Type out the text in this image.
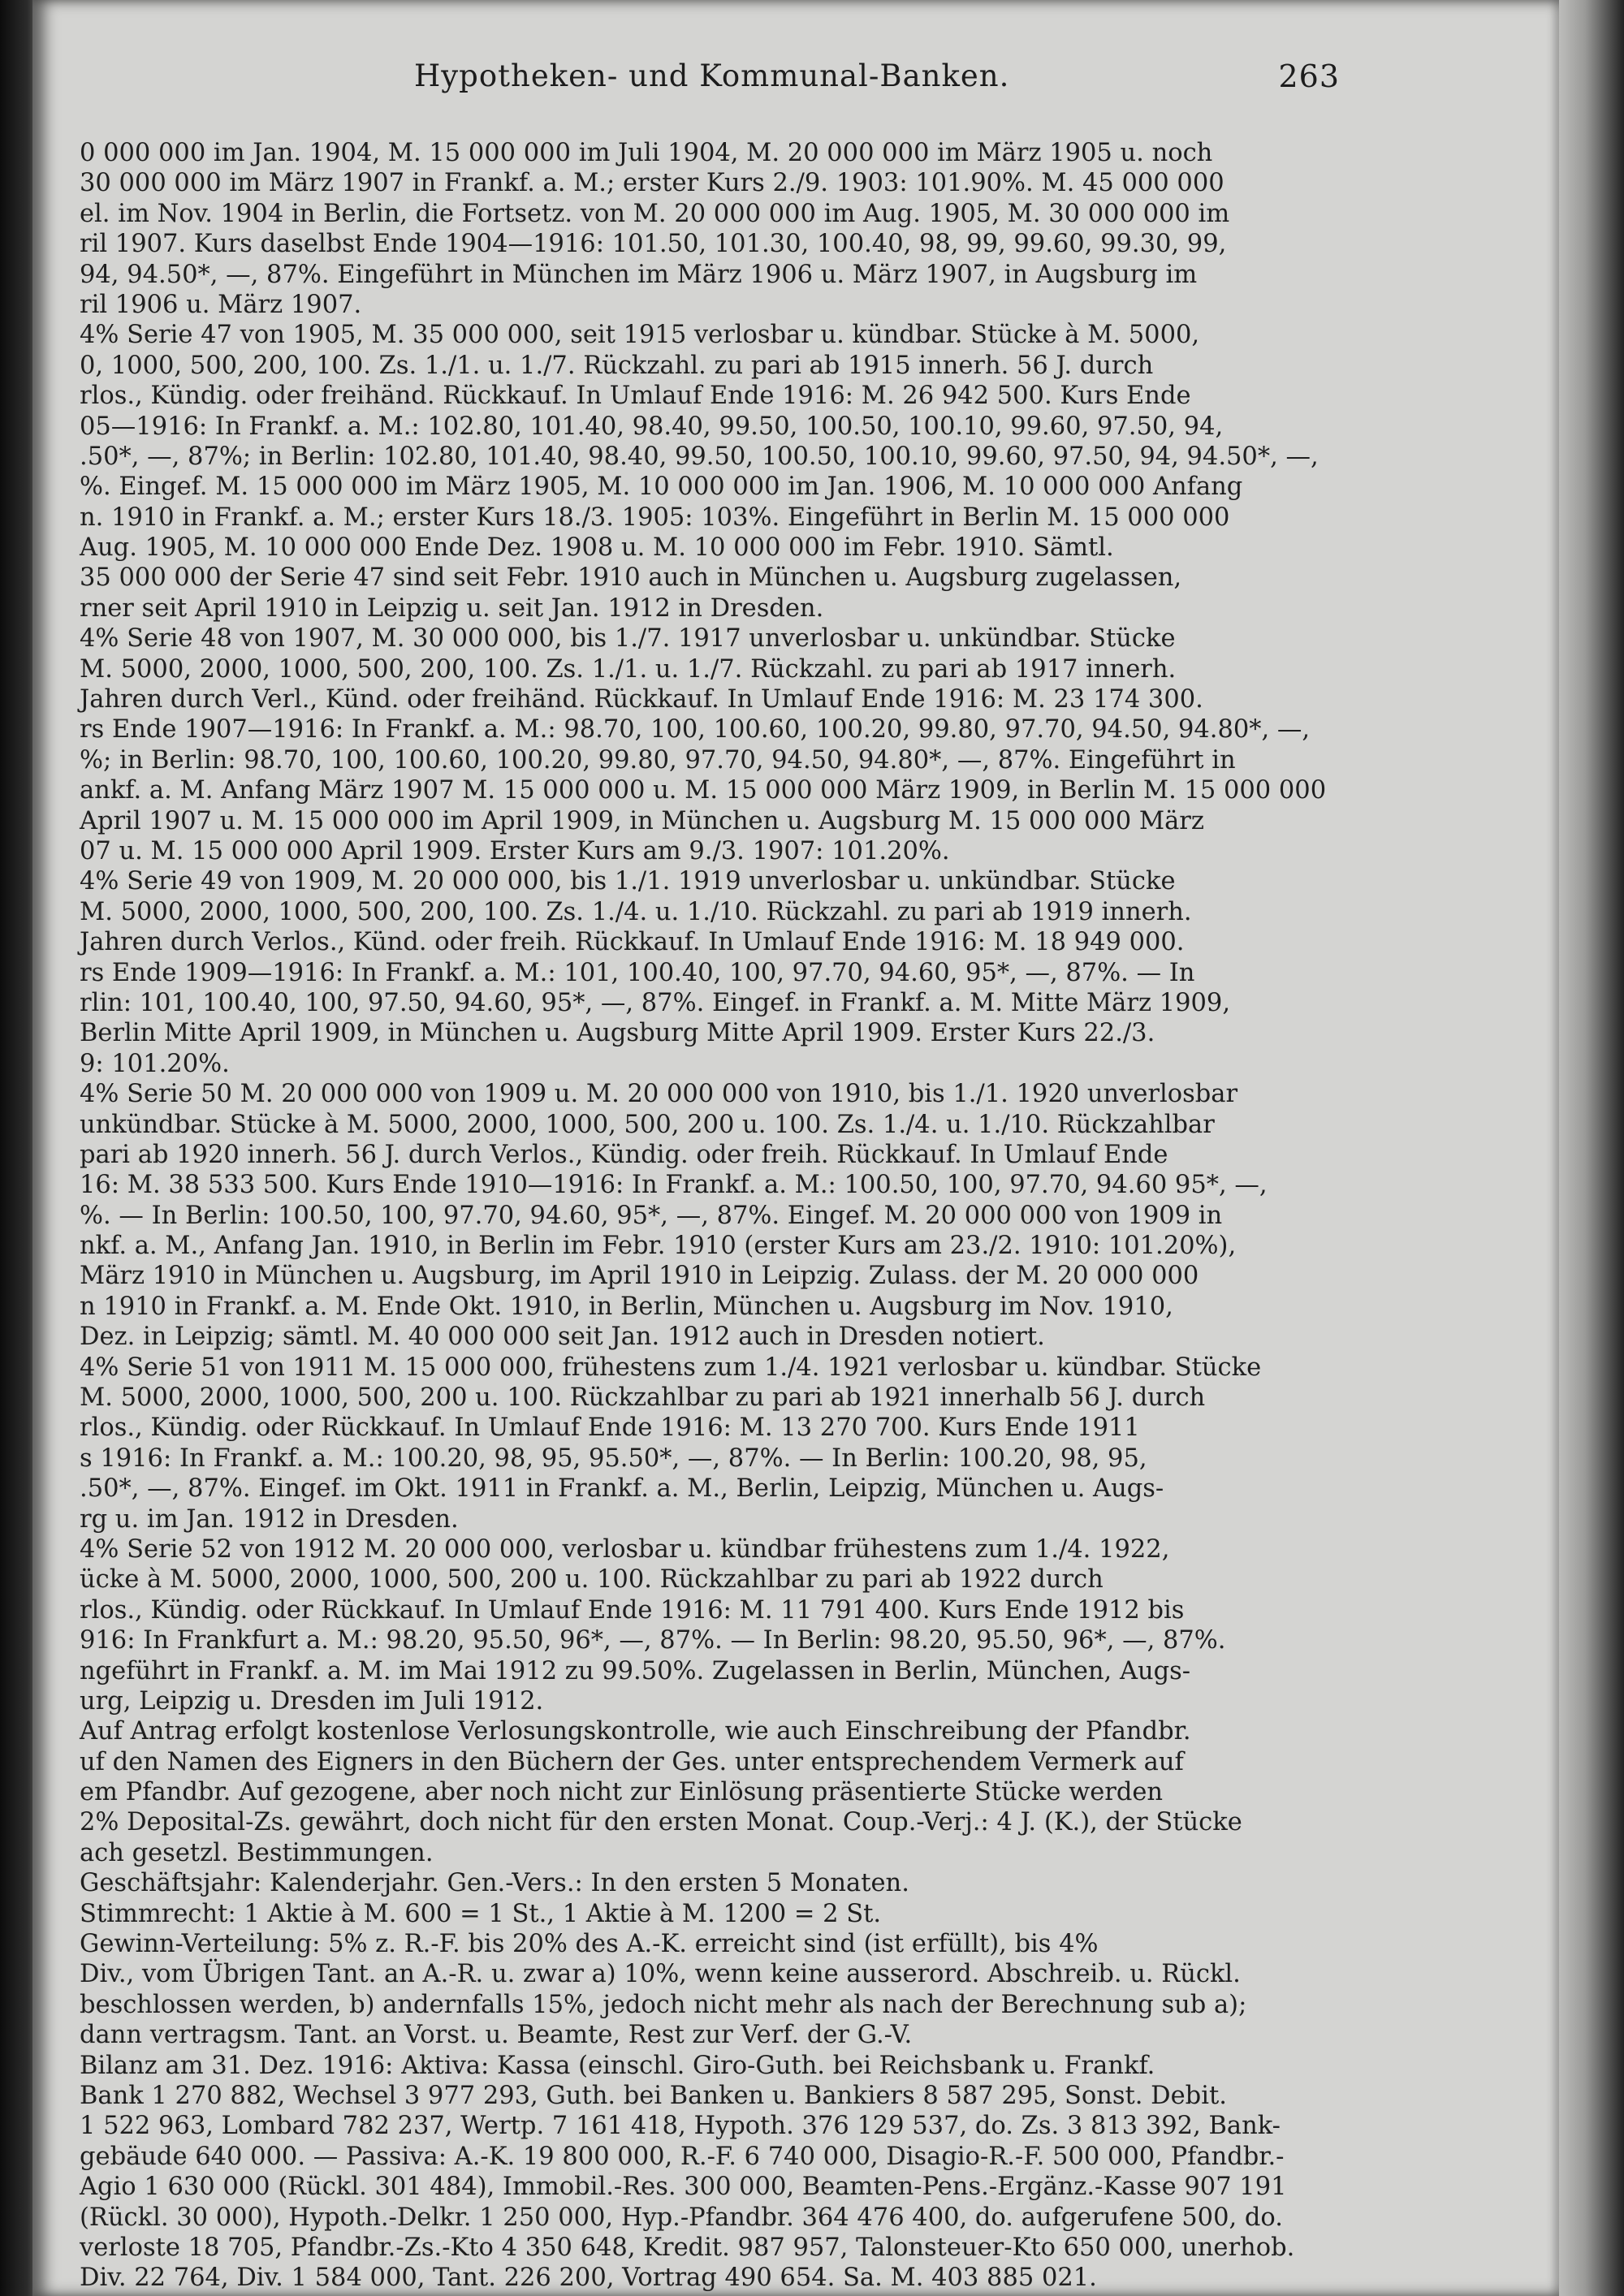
Hypotheken- und Kommunal-Banken.	263
0 000 000 im Jan. 1904, M. 15 000 000 im Juli 1904, M. 20 000 000 im März 1905 u. noch
30 000 000 im März 1907 in Frankf. a. M.; erster Kurs 2./9. 1903: 101.90%. M. 45 000 000
el. im Nov. 1904 in Berlin, die Fortsetz. von M. 20 000 000 im Aug. 1905, M. 30 000 000 im
ril 1907. Kurs daselbst Ende 1904—1916: 101.50, 101.30, 100.40, 98, 99, 99.60, 99.30, 99,
94, 94.50*, —, 87%. Eingeführt in München im März 1906 u. März 1907, in Augsburg im
ril 1906 u. März 1907.
4% Serie 47 von 1905, M. 35 000 000, seit 1915 verlosbar u. kündbar. Stücke à M. 5000,
0, 1000, 500, 200, 100. Zs. 1./1. u. 1./7. Rückzahl. zu pari ab 1915 innerh. 56 J. durch
rlos., Kündig. oder freihänd. Rückkauf. In Umlauf Ende 1916: M. 26 942 500. Kurs Ende
05—1916: In Frankf. a. M.: 102.80, 101.40, 98.40, 99.50, 100.50, 100.10, 99.60, 97.50, 94,
.50*, —, 87%; in Berlin: 102.80, 101.40, 98.40, 99.50, 100.50, 100.10, 99.60, 97.50, 94, 94.50*, —,
%. Eingef. M. 15 000 000 im März 1905, M. 10 000 000 im Jan. 1906, M. 10 000 000 Anfang
n. 1910 in Frankf. a. M.; erster Kurs 18./3. 1905: 103%. Eingeführt in Berlin M. 15 000 000
Aug. 1905, M. 10 000 000 Ende Dez. 1908 u. M. 10 000 000 im Febr. 1910. Sämtl.
35 000 000 der Serie 47 sind seit Febr. 1910 auch in München u. Augsburg zugelassen,
rner seit April 1910 in Leipzig u. seit Jan. 1912 in Dresden.
4% Serie 48 von 1907, M. 30 000 000, bis 1./7. 1917 unverlosbar u. unkündbar. Stücke
M. 5000, 2000, 1000, 500, 200, 100. Zs. 1./1. u. 1./7. Rückzahl. zu pari ab 1917 innerh.
Jahren durch Verl., Künd. oder freihänd. Rückkauf. In Umlauf Ende 1916: M. 23 174 300.
rs Ende 1907—1916: In Frankf. a. M.: 98.70, 100, 100.60, 100.20, 99.80, 97.70, 94.50, 94.80*, —,
%; in Berlin: 98.70, 100, 100.60, 100.20, 99.80, 97.70, 94.50, 94.80*, —, 87%. Eingeführt in
ankf. a. M. Anfang März 1907 M. 15 000 000 u. M. 15 000 000 März 1909, in Berlin M. 15 000 000
April 1907 u. M. 15 000 000 im April 1909, in München u. Augsburg M. 15 000 000 März
07 u. M. 15 000 000 April 1909. Erster Kurs am 9./3. 1907: 101.20%.
4% Serie 49 von 1909, M. 20 000 000, bis 1./1. 1919 unverlosbar u. unkündbar. Stücke
M. 5000, 2000, 1000, 500, 200, 100. Zs. 1./4. u. 1./10. Rückzahl. zu pari ab 1919 innerh.
Jahren durch Verlos., Künd. oder freih. Rückkauf. In Umlauf Ende 1916: M. 18 949 000.
rs Ende 1909—1916: In Frankf. a. M.: 101, 100.40, 100, 97.70, 94.60, 95*, —, 87%. — In
rlin: 101, 100.40, 100, 97.50, 94.60, 95*, —, 87%. Eingef. in Frankf. a. M. Mitte März 1909,
Berlin Mitte April 1909, in München u. Augsburg Mitte April 1909. Erster Kurs 22./3.
9: 101.20%.
4% Serie 50 M. 20 000 000 von 1909 u. M. 20 000 000 von 1910, bis 1./1. 1920 unverlosbar
unkündbar. Stücke à M. 5000, 2000, 1000, 500, 200 u. 100. Zs. 1./4. u. 1./10. Rückzahlbar
pari ab 1920 innerh. 56 J. durch Verlos., Kündig. oder freih. Rückkauf. In Umlauf Ende
16: M. 38 533 500. Kurs Ende 1910—1916: In Frankf. a. M.: 100.50, 100, 97.70, 94.60 95*, —,
%. — In Berlin: 100.50, 100, 97.70, 94.60, 95*, —, 87%. Eingef. M. 20 000 000 von 1909 in
nkf. a. M., Anfang Jan. 1910, in Berlin im Febr. 1910 (erster Kurs am 23./2. 1910: 101.20%),
März 1910 in München u. Augsburg, im April 1910 in Leipzig. Zulass. der M. 20 000 000
n 1910 in Frankf. a. M. Ende Okt. 1910, in Berlin, München u. Augsburg im Nov. 1910,
Dez. in Leipzig; sämtl. M. 40 000 000 seit Jan. 1912 auch in Dresden notiert.
4% Serie 51 von 1911 M. 15 000 000, frühestens zum 1./4. 1921 verlosbar u. kündbar. Stücke
M. 5000, 2000, 1000, 500, 200 u. 100. Rückzahlbar zu pari ab 1921 innerhalb 56 J. durch
rlos., Kündig. oder Rückkauf. In Umlauf Ende 1916: M. 13 270 700. Kurs Ende 1911
s 1916: In Frankf. a. M.: 100.20, 98, 95, 95.50*, —, 87%. — In Berlin: 100.20, 98, 95,
.50*, —, 87%. Eingef. im Okt. 1911 in Frankf. a. M., Berlin, Leipzig, München u. Augs-
rg u. im Jan. 1912 in Dresden.
4% Serie 52 von 1912 M. 20 000 000, verlosbar u. kündbar frühestens zum 1./4. 1922,
ücke à M. 5000, 2000, 1000, 500, 200 u. 100. Rückzahlbar zu pari ab 1922 durch
rlos., Kündig. oder Rückkauf. In Umlauf Ende 1916: M. 11 791 400. Kurs Ende 1912 bis
916: In Frankfurt a. M.: 98.20, 95.50, 96*, —, 87%. — In Berlin: 98.20, 95.50, 96*, —, 87%.
ngeführt in Frankf. a. M. im Mai 1912 zu 99.50%. Zugelassen in Berlin, München, Augs-
urg, Leipzig u. Dresden im Juli 1912.
Auf Antrag erfolgt kostenlose Verlosungskontrolle, wie auch Einschreibung der Pfandbr.
uf den Namen des Eigners in den Büchern der Ges. unter entsprechendem Vermerk auf
em Pfandbr. Auf gezogene, aber noch nicht zur Einlösung präsentierte Stücke werden
2% Deposital-Zs. gewährt, doch nicht für den ersten Monat. Coup.-Verj.: 4 J. (K.), der Stücke
ach gesetzl. Bestimmungen.
Geschäftsjahr: Kalenderjahr. Gen.-Vers.: In den ersten 5 Monaten.
Stimmrecht: 1 Aktie à M. 600 = 1 St., 1 Aktie à M. 1200 = 2 St.
Gewinn-Verteilung: 5% z. R.-F. bis 20% des A.-K. erreicht sind (ist erfüllt), bis 4%
Div., vom Übrigen Tant. an A.-R. u. zwar a) 10%, wenn keine ausserord. Abschreib. u. Rückl.
beschlossen werden, b) andernfalls 15%, jedoch nicht mehr als nach der Berechnung sub a);
dann vertragsm. Tant. an Vorst. u. Beamte, Rest zur Verf. der G.-V.
Bilanz am 31. Dez. 1916: Aktiva: Kassa (einschl. Giro-Guth. bei Reichsbank u. Frankf.
Bank 1 270 882, Wechsel 3 977 293, Guth. bei Banken u. Bankiers 8 587 295, Sonst. Debit.
1 522 963, Lombard 782 237, Wertp. 7 161 418, Hypoth. 376 129 537, do. Zs. 3 813 392, Bank-
gebäude 640 000. — Passiva: A.-K. 19 800 000, R.-F. 6 740 000, Disagio-R.-F. 500 000, Pfandbr.-
Agio 1 630 000 (Rückl. 301 484), Immobil.-Res. 300 000, Beamten-Pens.-Ergänz.-Kasse 907 191
(Rückl. 30 000), Hypoth.-Delkr. 1 250 000, Hyp.-Pfandbr. 364 476 400, do. aufgerufene 500, do.
verloste 18 705, Pfandbr.-Zs.-Kto 4 350 648, Kredit. 987 957, Talonsteuer-Kto 650 000, unerhob.
Div. 22 764, Div. 1 584 000, Tant. 226 200, Vortrag 490 654. Sa. M. 403 885 021.
